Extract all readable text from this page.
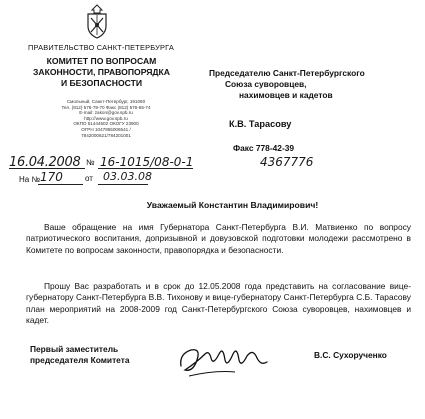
ПРАВИТЕЛЬСТВО САНКТ-ПЕТЕРБУРГА
КОМИТЕТ ПО ВОПРОСАМ
ЗАКОННОСТИ, ПРАВОПОРЯДКА
И БЕЗОПАСНОСТИ
Смольный, Санкт-Петербург, 191060
Тел. (812) 576-79-70 Факс (812) 576-65-74
E-mail: zakon@gov.spb.ru
http://www.gov.spb.ru
ОКПО 51444502 ОКОГУ 23900
ОГРН 1047855006541 / 7842000621/784201001
16.04.2008 № 16-1015/08-0-1
На № 170	от 03.03.08
Председателю Санкт-Петербургского
Союза суворовцев,
нахимовцев и кадетов
К.В. Тарасову
Факс 778-42-39
4367776
Уважаемый Константин Владимирович!
Ваше обращение на имя Губернатора Санкт-Петербурга В.И. Матвиенко по вопросу патриотического воспитания, допризывной и довузовской подготовки молодежи рассмотрено в Комитете по вопросам законности, правопорядка и безопасности.
Прошу Вас разработать и в срок до 12.05.2008 года представить на согласование вице-губернатору Санкт-Петербурга В.В. Тихонову и вице-губернатору Санкт-Петербурга С.Б. Тарасову план мероприятий на 2008-2009 год Санкт-Петербургского Союза суворовцев, нахимовцев и кадет.
Первый заместитель
председателя Комитета	В.С. Сухорученко
